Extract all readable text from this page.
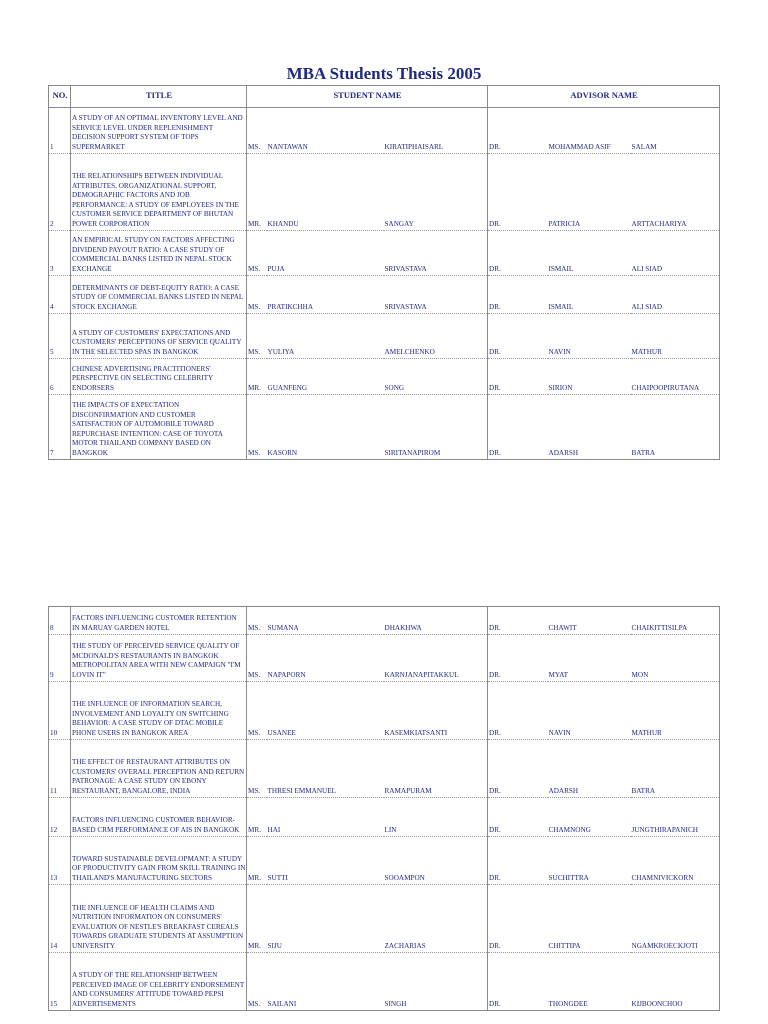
MBA Students Thesis 2005
NO.	TITLE	STUDENT NAME			ADVISOR NAME		
1	A STUDY OF AN OPTIMAL INVENTORY LEVEL AND SERVICE LEVEL UNDER REPLENISHMENT DECISION SUPPORT SYSTEM OF TOPS SUPERMARKET	MS.	NANTAWAN	KIRATIPHAISARL	DR.	MOHAMMAD ASIF	SALAM
2	THE RELATIONSHIPS BETWEEN INDIVIDUAL ATTRIBUTES, ORGANIZATIONAL SUPPORT, DEMOGRAPHIC FACTORS AND JOB PERFORMANCE: A STUDY OF EMPLOYEES IN THE CUSTOMER SERVICE DEPARTMENT OF BHUTAN POWER CORPORATION	MR.	KHANDU	SANGAY	DR.	PATRICIA	ARTTACHARIYA
3	AN EMPIRICAL STUDY ON FACTORS AFFECTING DIVIDEND PAYOUT RATIO: A CASE STUDY OF COMMERCIAL BANKS LISTED IN NEPAL STOCK EXCHANGE	MS.	PUJA	SRIVASTAVA	DR.	ISMAIL	ALI SIAD
4	DETERMINANTS OF DEBT-EQUITY RATIO: A CASE STUDY OF COMMERCIAL BANKS LISTED IN NEPAL STOCK EXCHANGE	MS.	PRATIKCHHA	SRIVASTAVA	DR.	ISMAIL	ALI SIAD
5	A STUDY OF CUSTOMERS' EXPECTATIONS AND CUSTOMERS' PERCEPTIONS OF SERVICE QUALITY IN THE SELECTED SPAS IN BANGKOK	MS.	YULIYA	AMELCHENKO	DR.	NAVIN	MATHUR
6	CHINESE ADVERTISING PRACTITIONERS' PERSPECTIVE ON SELECTING CELEBRITY ENDORSERS	MR.	GUANFENG	SONG	DR.	SIRION	CHAIPOOPIRUTANA
7	THE IMPACTS OF EXPECTATION DISCONFIRMATION AND CUSTOMER SATISFACTION OF AUTOMOBILE TOWARD REPURCHASE INTENTION: CASE OF TOYOTA MOTOR THAILAND COMPANY BASED ON BANGKOK	MS.	KASORN	SIRITANAPIROM	DR.	ADARSH	BATRA
8	FACTORS INFLUENCING CUSTOMER RETENTION IN MARUAY GARDEN HOTEL	MS.	SUMANA	DHAKHWA	DR.	CHAWIT	CHAIKITTISILPA
9	THE STUDY OF PERCEIVED SERVICE QUALITY OF MCDONALD'S RESTAURANTS IN BANGKOK METROPOLITAN AREA WITH NEW CAMPAIGN "I'M LOVIN IT"	MS.	NAPAPORN	KARNJANAPITAKKUL	DR.	MYAT	MON
10	THE INFLUENCE OF INFORMATION SEARCH, INVOLVEMENT AND LOYALTY ON SWITCHING BEHAVIOR: A CASE STUDY OF DTAC MOBILE PHONE USERS IN BANGKOK AREA	MS.	USANEE	KASEMKIATSANTI	DR.	NAVIN	MATHUR
11	THE EFFECT OF RESTAURANT ATTRIBUTES ON CUSTOMERS' OVERALL PERCEPTION AND RETURN PATRONAGE: A CASE STUDY ON EBONY RESTAURANT, BANGALORE, INDIA	MS.	THRESI EMMANUEL	RAMAPURAM	DR.	ADARSH	BATRA
12	FACTORS INFLUENCING CUSTOMER BEHAVIOR-BASED CRM PERFORMANCE OF AIS IN BANGKOK	MR.	HAI	LIN	DR.	CHAMNONG	JUNGTHIRAPANICH
13	TOWARD SUSTAINABLE DEVELOPMANT: A STUDY OF PRODUCTIVITY GAIN FROM SKILL TRAINING IN THAILAND'S MANUFACTURING SECTORS	MR.	SUTTI	SOOAMPON	DR.	SUCHITTRA	CHAMNIVICKORN
14	THE INFLUENCE OF HEALTH CLAIMS AND NUTRITION INFORMATION ON CONSUMERS' EVALUATION OF NESTLE'S BREAKFAST CEREALS TOWARDS GRADUATE STUDENTS AT ASSUMPTION UNIVERSITY	MR.	SIJU	ZACHARIAS	DR.	CHITTIPA	NGAMKROECKJOTI
15	A STUDY OF THE RELATIONSHIP BETWEEN PERCEIVED IMAGE OF CELEBRITY ENDORSEMENT AND CONSUMERS' ATTITUDE TOWARD PEPSI ADVERTISEMENTS	MS.	SAILANI	SINGH	DR.	THONGDEE	KIJBOONCHOO
